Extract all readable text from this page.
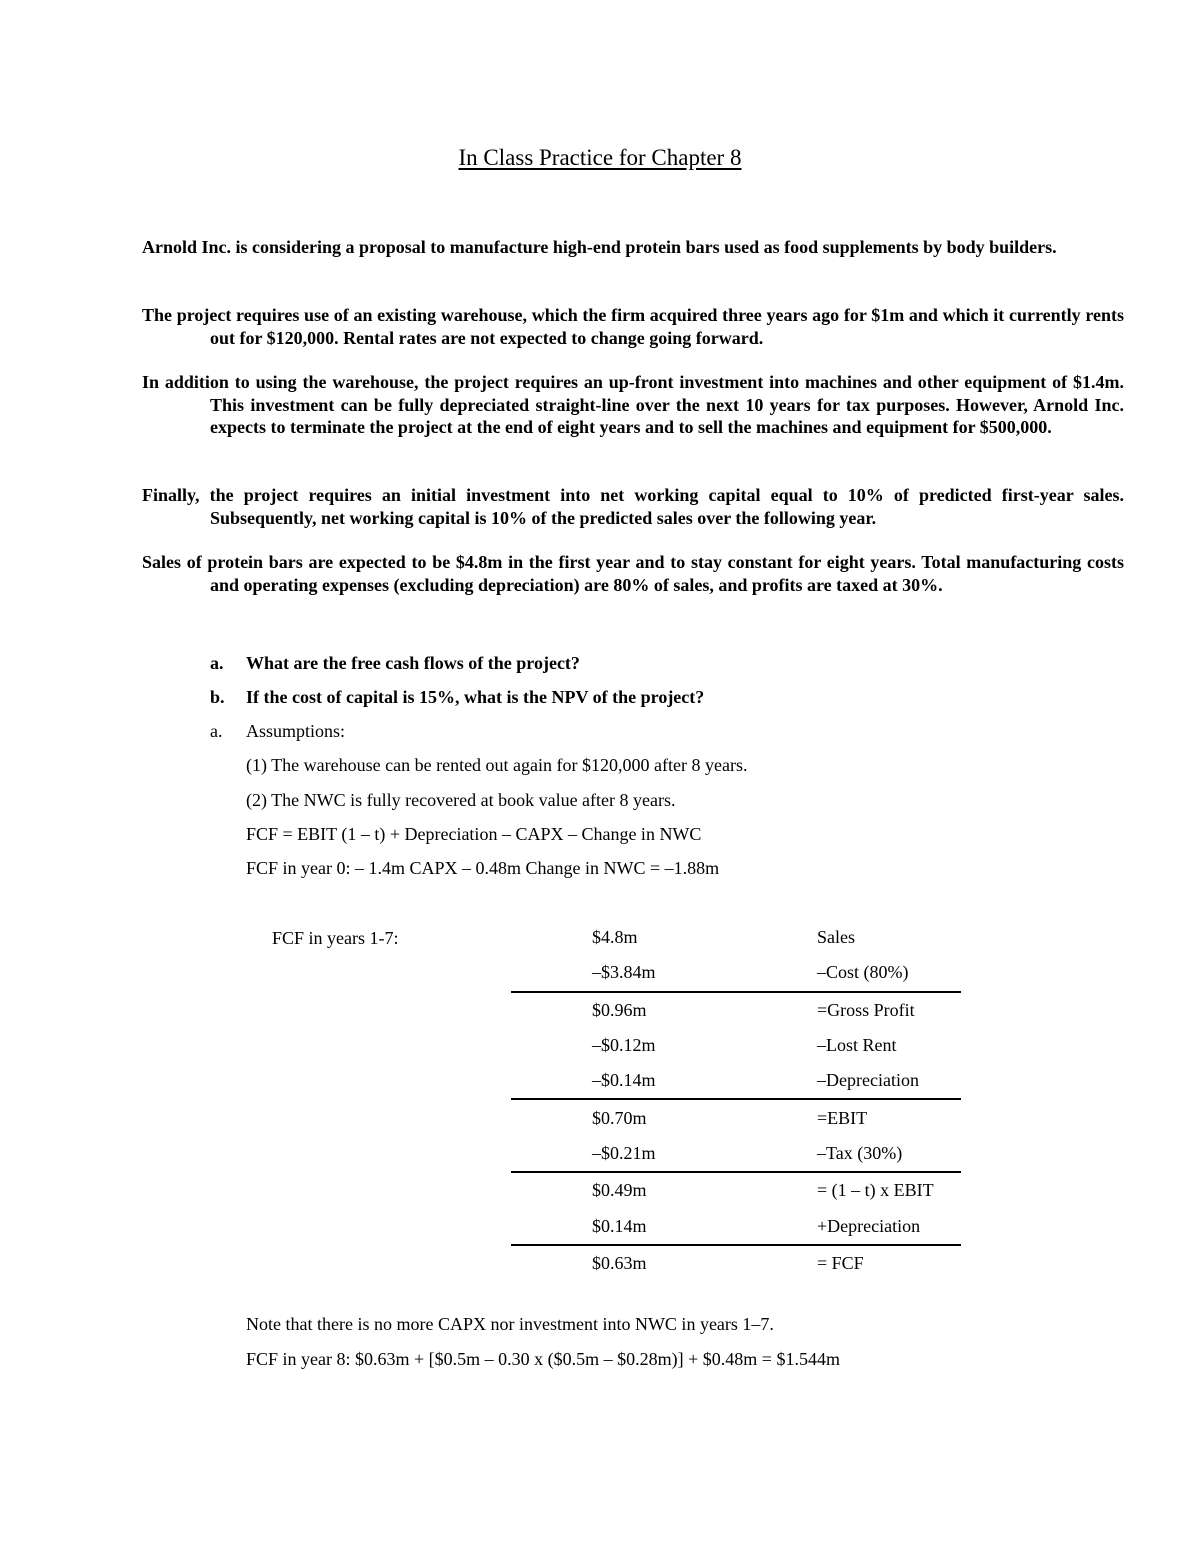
In Class Practice for Chapter 8

Arnold Inc. is considering a proposal to manufacture high-end protein bars used as food supplements by body builders.

The project requires use of an existing warehouse, which the firm acquired three years ago for $1m and which it currently rents out for $120,000. Rental rates are not expected to change going forward.

In addition to using the warehouse, the project requires an up-front investment into machines and other equipment of $1.4m. This investment can be fully depreciated straight-line over the next 10 years for tax purposes. However, Arnold Inc. expects to terminate the project at the end of eight years and to sell the machines and equipment for $500,000.

Finally, the project requires an initial investment into net working capital equal to 10% of predicted first-year sales. Subsequently, net working capital is 10% of the predicted sales over the following year.

Sales of protein bars are expected to be $4.8m in the first year and to stay constant for eight years. Total manufacturing costs and operating expenses (excluding depreciation) are 80% of sales, and profits are taxed at 30%.

a. What are the free cash flows of the project?

b. If the cost of capital is 15%, what is the NPV of the project?

a. Assumptions:

(1) The warehouse can be rented out again for $120,000 after 8 years.

(2) The NWC is fully recovered at book value after 8 years.

FCF = EBIT (1 – t) + Depreciation – CAPX – Change in NWC

FCF in year 0: – 1.4m CAPX – 0.48m Change in NWC = –1.88m

FCF in years 1-7:	$4.8m	Sales
–$3.84m	–Cost (80%)
$0.96m	=Gross Profit
–$0.12m	–Lost Rent
–$0.14m	–Depreciation
$0.70m	=EBIT
–$0.21m	–Tax (30%)
$0.49m	= (1 – t) x EBIT
$0.14m	+Depreciation
$0.63m	= FCF

Note that there is no more CAPX nor investment into NWC in years 1–7.

FCF in year 8: $0.63m + [$0.5m – 0.30 x ($0.5m – $0.28m)] + $0.48m = $1.544m
